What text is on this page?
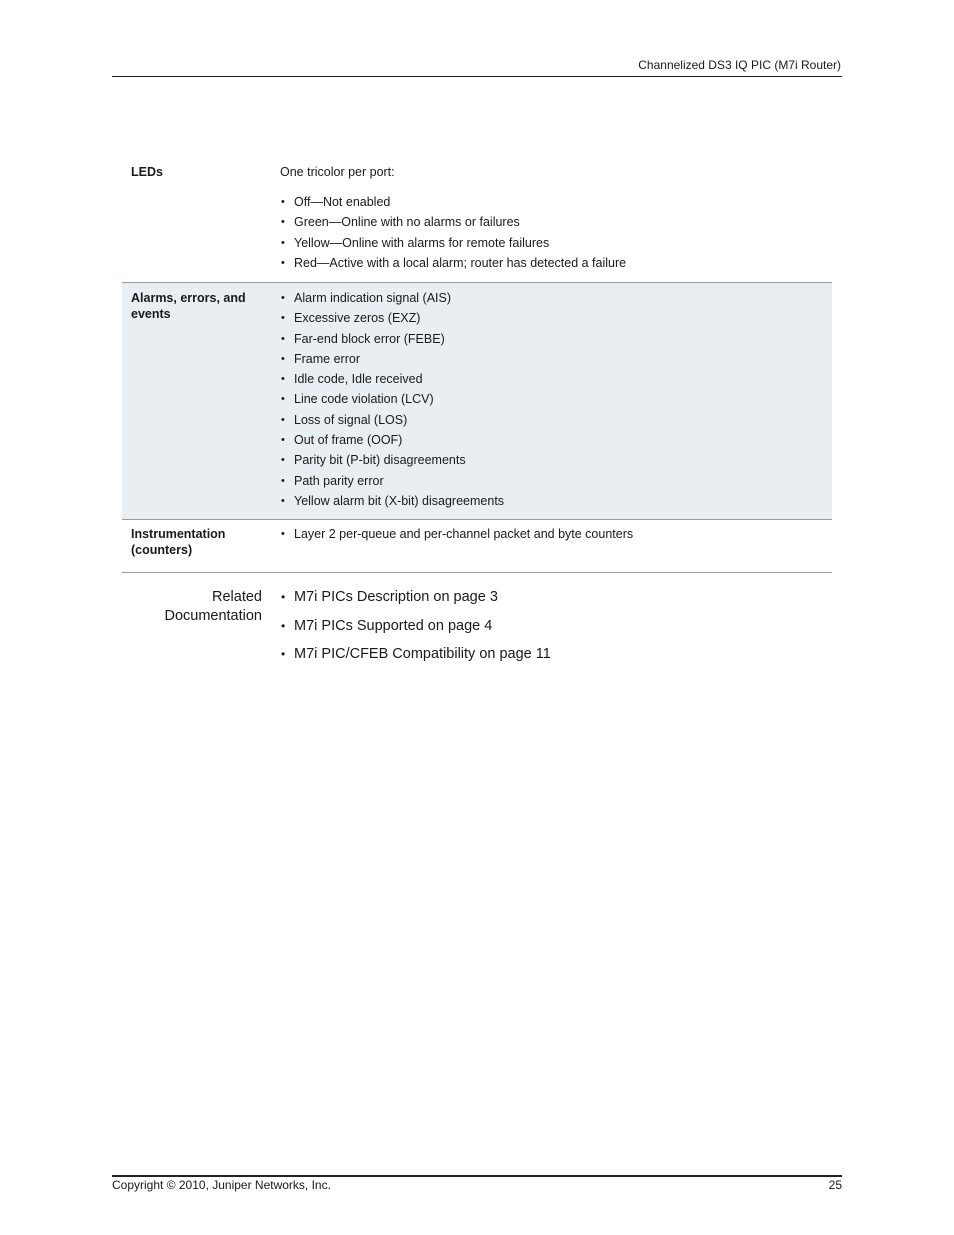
Channelized DS3 IQ PIC (M7i Router)
LEDs	One tricolor per port:
• Off—Not enabled
• Green—Online with no alarms or failures
• Yellow—Online with alarms for remote failures
• Red—Active with a local alarm; router has detected a failure
Alarms, errors, and events
• Alarm indication signal (AIS)
• Excessive zeros (EXZ)
• Far-end block error (FEBE)
• Frame error
• Idle code, Idle received
• Line code violation (LCV)
• Loss of signal (LOS)
• Out of frame (OOF)
• Parity bit (P-bit) disagreements
• Path parity error
• Yellow alarm bit (X-bit) disagreements
Instrumentation (counters)
• Layer 2 per-queue and per-channel packet and byte counters
Related
Documentation
• M7i PICs Description on page 3
• M7i PICs Supported on page 4
• M7i PIC/CFEB Compatibility on page 11
Copyright © 2010, Juniper Networks, Inc.	25
